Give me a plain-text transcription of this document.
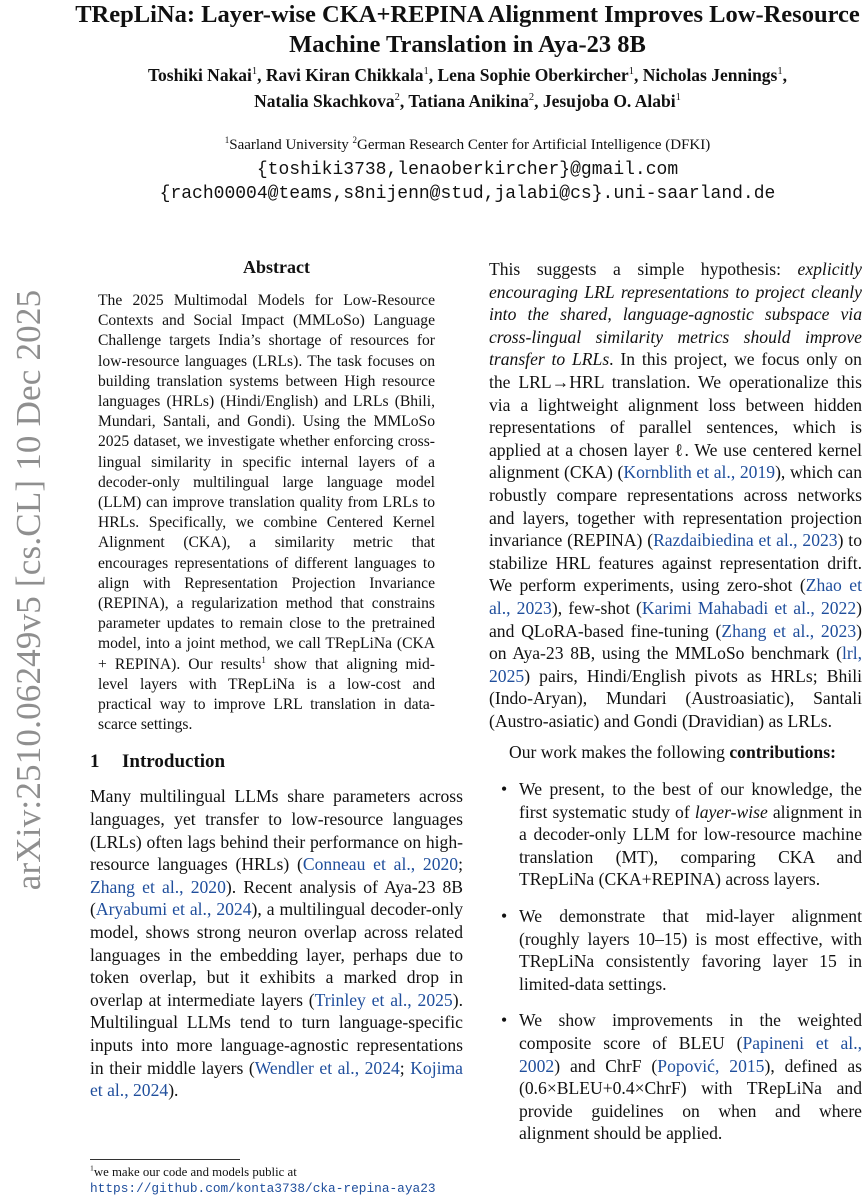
arXiv:2510.06249v5 [cs.CL] 10 Dec 2025
TRepLiNa: Layer-wise CKA+REPINA Alignment Improves Low-Resource
Machine Translation in Aya-23 8B
Toshiki Nakai$^1$, Ravi Kiran Chikkala$^1$, Lena Sophie Oberkircher$^1$, Nicholas Jennings$^1$,
Natalia Skachkova$^2$, Tatiana Anikina$^2$, Jesujoba O. Alabi$^1$
$^1$Saarland University $^2$German Research Center for Artificial Intelligence (DFKI)
{toshiki3738,lenaoberkircher}@gmail.com
{rach00004@teams,s8nijenn@stud,jalabi@cs}.uni-saarland.de
Abstract

The 2025 Multimodal Models for Low-Resource Contexts and Social Impact (MMLoSo) Language Challenge targets India’s shortage of resources for low-resource languages (LRLs). The task focuses on building translation systems between High resource languages (HRLs) (Hindi/English) and LRLs (Bhili, Mundari, Santali, and Gondi). Using the MMLoSo 2025 dataset, we investigate whether enforcing cross-lingual similarity in specific internal layers of a decoder-only multilingual large language model (LLM) can improve translation quality from LRLs to HRLs. Specifically, we combine Centered Kernel Alignment (CKA), a similarity metric that encourages representations of different languages to align with Representation Projection Invariance (REPINA), a regularization method that constrains parameter updates to remain close to the pretrained model, into a joint method, we call TRepLiNa (CKA + REPINA). Our results$^1$ show that aligning mid-level layers with TRepLiNa is a low-cost and practical way to improve LRL translation in data-scarce settings.

1 Introduction

Many multilingual LLMs share parameters across languages, yet transfer to low-resource languages (LRLs) often lags behind their performance on high-resource languages (HRLs) (Conneau et al., 2020; Zhang et al., 2020). Recent analysis of Aya-23 8B (Aryabumi et al., 2024), a multilingual decoder-only model, shows strong neuron overlap across related languages in the embedding layer, perhaps due to token overlap, but it exhibits a marked drop in overlap at intermediate layers (Trinley et al., 2025). Multilingual LLMs tend to turn language-specific inputs into more language-agnostic representations in their middle layers (Wendler et al., 2024; Kojima et al., 2024).

$^1$we make our code and models public at https://github.com/konta3738/cka-repina-aya23

This suggests a simple hypothesis: explicitly encouraging LRL representations to project cleanly into the shared, language-agnostic subspace via cross-lingual similarity metrics should improve transfer to LRLs. In this project, we focus only on the LRL→HRL translation. We operationalize this via a lightweight alignment loss between hidden representations of parallel sentences, which is applied at a chosen layer ℓ. We use centered kernel alignment (CKA) (Kornblith et al., 2019), which can robustly compare representations across networks and layers, together with representation projection invariance (REPINA) (Razdaibiedina et al., 2023) to stabilize HRL features against representation drift. We perform experiments, using zero-shot (Zhao et al., 2023), few-shot (Karimi Mahabadi et al., 2022) and QLoRA-based fine-tuning (Zhang et al., 2023) on Aya-23 8B, using the MMLoSo benchmark (lrl, 2025) pairs, Hindi/English pivots as HRLs; Bhili (Indo-Aryan), Mundari (Austroasiatic), Santali (Austro-asiatic) and Gondi (Dravidian) as LRLs.

Our work makes the following contributions:

• We present, to the best of our knowledge, the first systematic study of layer-wise alignment in a decoder-only LLM for low-resource machine translation (MT), comparing CKA and TRepLiNa (CKA+REPINA) across layers.
• We demonstrate that mid-layer alignment (roughly layers 10–15) is most effective, with TRepLiNa consistently favoring layer 15 in limited-data settings.
• We show improvements in the weighted composite score of BLEU (Papineni et al., 2002) and ChrF (Popović, 2015), defined as (0.6×BLEU+0.4×ChrF) with TRepLiNa and provide guidelines on when and where alignment should be applied.
